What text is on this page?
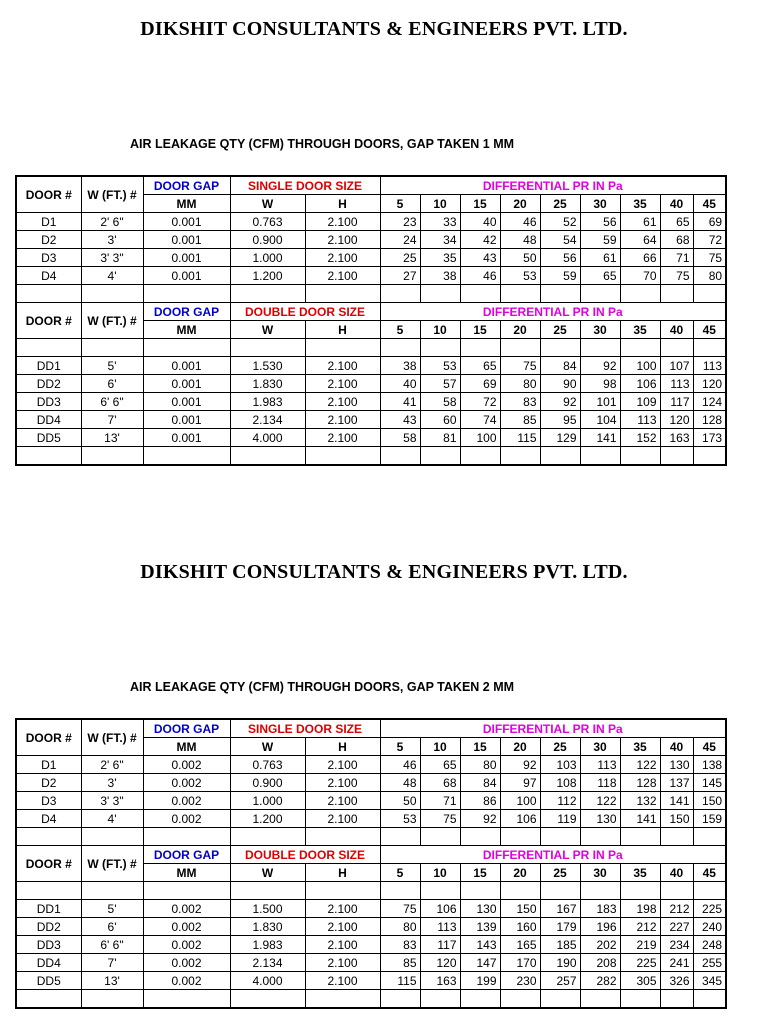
DIKSHIT CONSULTANTS & ENGINEERS PVT. LTD.
AIR LEAKAGE QTY (CFM) THROUGH DOORS, GAP TAKEN 1 MM
DOOR #	W (FT.) #	DOOR GAP	SINGLE DOOR SIZE		DIFFERENTIAL PR IN Pa								
		MM	W	H	5	10	15	20	25	30	35	40	45
D1	2' 6"	0.001	0.763	2.100	23	33	40	46	52	56	61	65	69
D2	3'	0.001	0.900	2.100	24	34	42	48	54	59	64	68	72
D3	3' 3"	0.001	1.000	2.100	25	35	43	50	56	61	66	71	75
D4	4'	0.001	1.200	2.100	27	38	46	53	59	65	70	75	80

DOOR #	W (FT.) #	DOOR GAP	DOUBLE DOOR SIZE		DIFFERENTIAL PR IN Pa								
		MM	W	H	5	10	15	20	25	30	35	40	45

DD1	5'	0.001	1.530	2.100	38	53	65	75	84	92	100	107	113
DD2	6'	0.001	1.830	2.100	40	57	69	80	90	98	106	113	120
DD3	6' 6"	0.001	1.983	2.100	41	58	72	83	92	101	109	117	124
DD4	7'	0.001	2.134	2.100	43	60	74	85	95	104	113	120	128
DD5	13'	0.001	4.000	2.100	58	81	100	115	129	141	152	163	173

DIKSHIT CONSULTANTS & ENGINEERS PVT. LTD.
AIR LEAKAGE QTY (CFM) THROUGH DOORS, GAP TAKEN 2 MM
DOOR #	W (FT.) #	DOOR GAP	SINGLE DOOR SIZE		DIFFERENTIAL PR IN Pa								
		MM	W	H	5	10	15	20	25	30	35	40	45
D1	2' 6"	0.002	0.763	2.100	46	65	80	92	103	113	122	130	138
D2	3'	0.002	0.900	2.100	48	68	84	97	108	118	128	137	145
D3	3' 3"	0.002	1.000	2.100	50	71	86	100	112	122	132	141	150
D4	4'	0.002	1.200	2.100	53	75	92	106	119	130	141	150	159

DOOR #	W (FT.) #	DOOR GAP	DOUBLE DOOR SIZE		DIFFERENTIAL PR IN Pa								
		MM	W	H	5	10	15	20	25	30	35	40	45

DD1	5'	0.002	1.500	2.100	75	106	130	150	167	183	198	212	225
DD2	6'	0.002	1.830	2.100	80	113	139	160	179	196	212	227	240
DD3	6' 6"	0.002	1.983	2.100	83	117	143	165	185	202	219	234	248
DD4	7'	0.002	2.134	2.100	85	120	147	170	190	208	225	241	255
DD5	13'	0.002	4.000	2.100	115	163	199	230	257	282	305	326	345
